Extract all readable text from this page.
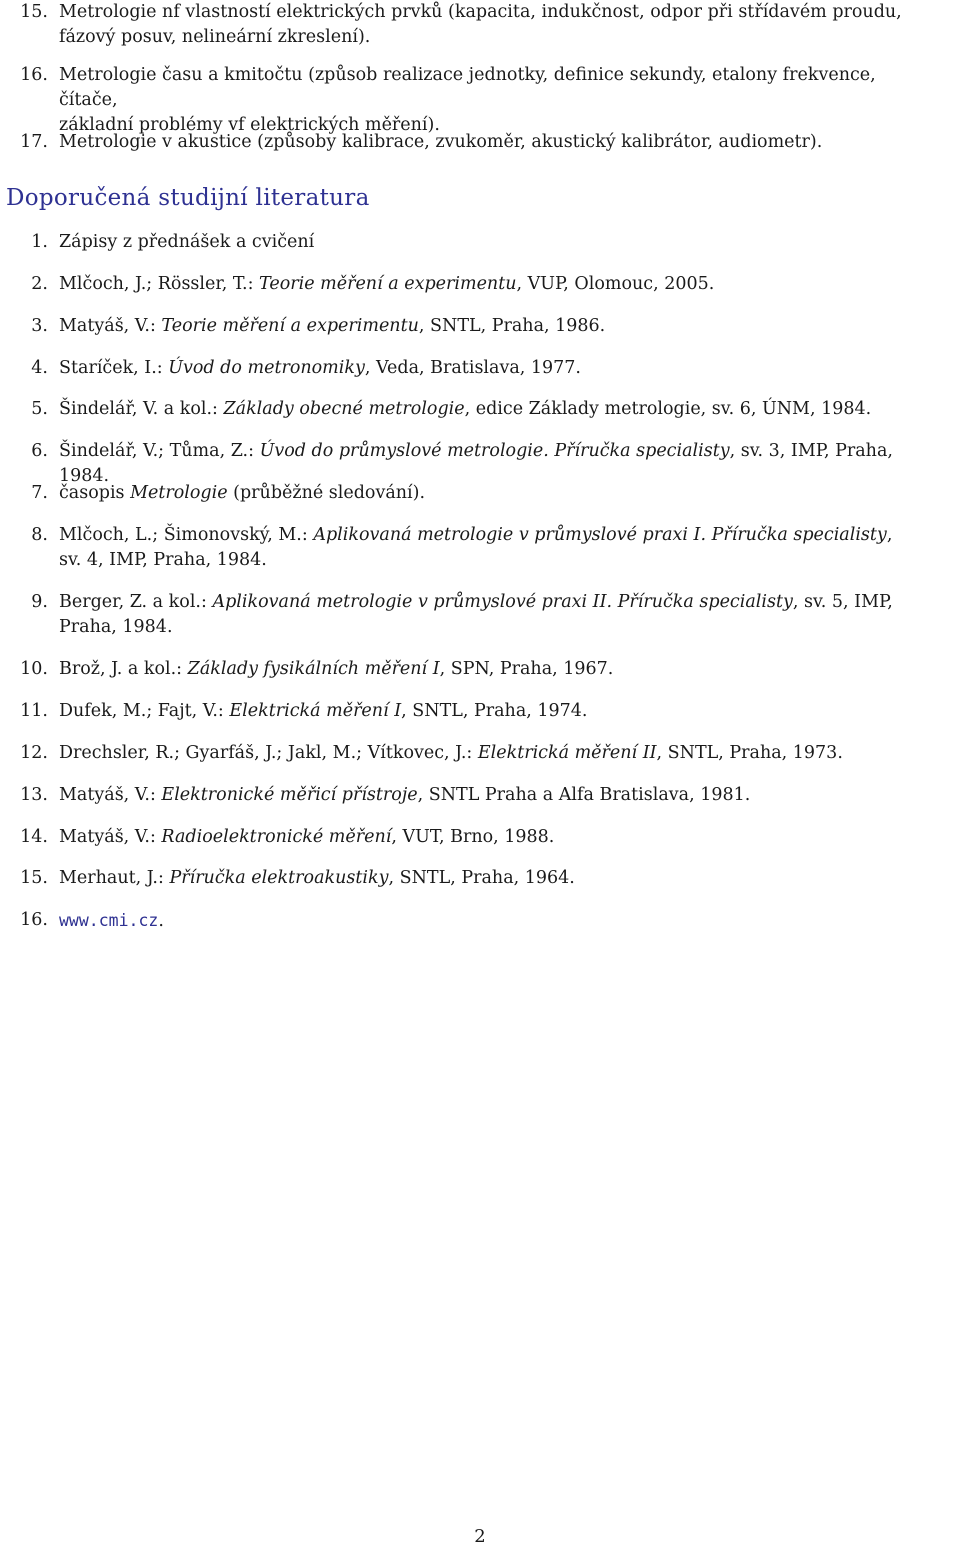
15. Metrologie nf vlastností elektrických prvků (kapacita, indukčnost, odpor při střídavém proudu,
fázový posuv, nelineární zkreslení).
16. Metrologie času a kmitočtu (způsob realizace jednotky, definice sekundy, etalony frekvence, čítače,
základní problémy vf elektrických měření).
17. Metrologie v akustice (způsoby kalibrace, zvukoměr, akustický kalibrátor, audiometr).
Doporučená studijní literatura
1. Zápisy z přednášek a cvičení
2. Mlčoch, J.; Rössler, T.: Teorie měření a experimentu, VUP, Olomouc, 2005.
3. Matyáš, V.: Teorie měření a experimentu, SNTL, Praha, 1986.
4. Staríček, I.: Úvod do metronomiky, Veda, Bratislava, 1977.
5. Šindelář, V. a kol.: Základy obecné metrologie, edice Základy metrologie, sv. 6, ÚNM, 1984.
6. Šindelář, V.; Tůma, Z.: Úvod do průmyslové metrologie. Příručka specialisty, sv. 3, IMP, Praha, 1984.
7. časopis Metrologie (průběžné sledování).
8. Mlčoch, L.; Šimonovský, M.: Aplikovaná metrologie v průmyslové praxi I. Příručka specialisty,
sv. 4, IMP, Praha, 1984.
9. Berger, Z. a kol.: Aplikovaná metrologie v průmyslové praxi II. Příručka specialisty, sv. 5, IMP,
Praha, 1984.
10. Brož, J. a kol.: Základy fysikálních měření I, SPN, Praha, 1967.
11. Dufek, M.; Fajt, V.: Elektrická měření I, SNTL, Praha, 1974.
12. Drechsler, R.; Gyarfáš, J.; Jakl, M.; Vítkovec, J.: Elektrická měření II, SNTL, Praha, 1973.
13. Matyáš, V.: Elektronické měřicí přístroje, SNTL Praha a Alfa Bratislava, 1981.
14. Matyáš, V.: Radioelektronické měření, VUT, Brno, 1988.
15. Merhaut, J.: Příručka elektroakustiky, SNTL, Praha, 1964.
16. www.cmi.cz.
2
